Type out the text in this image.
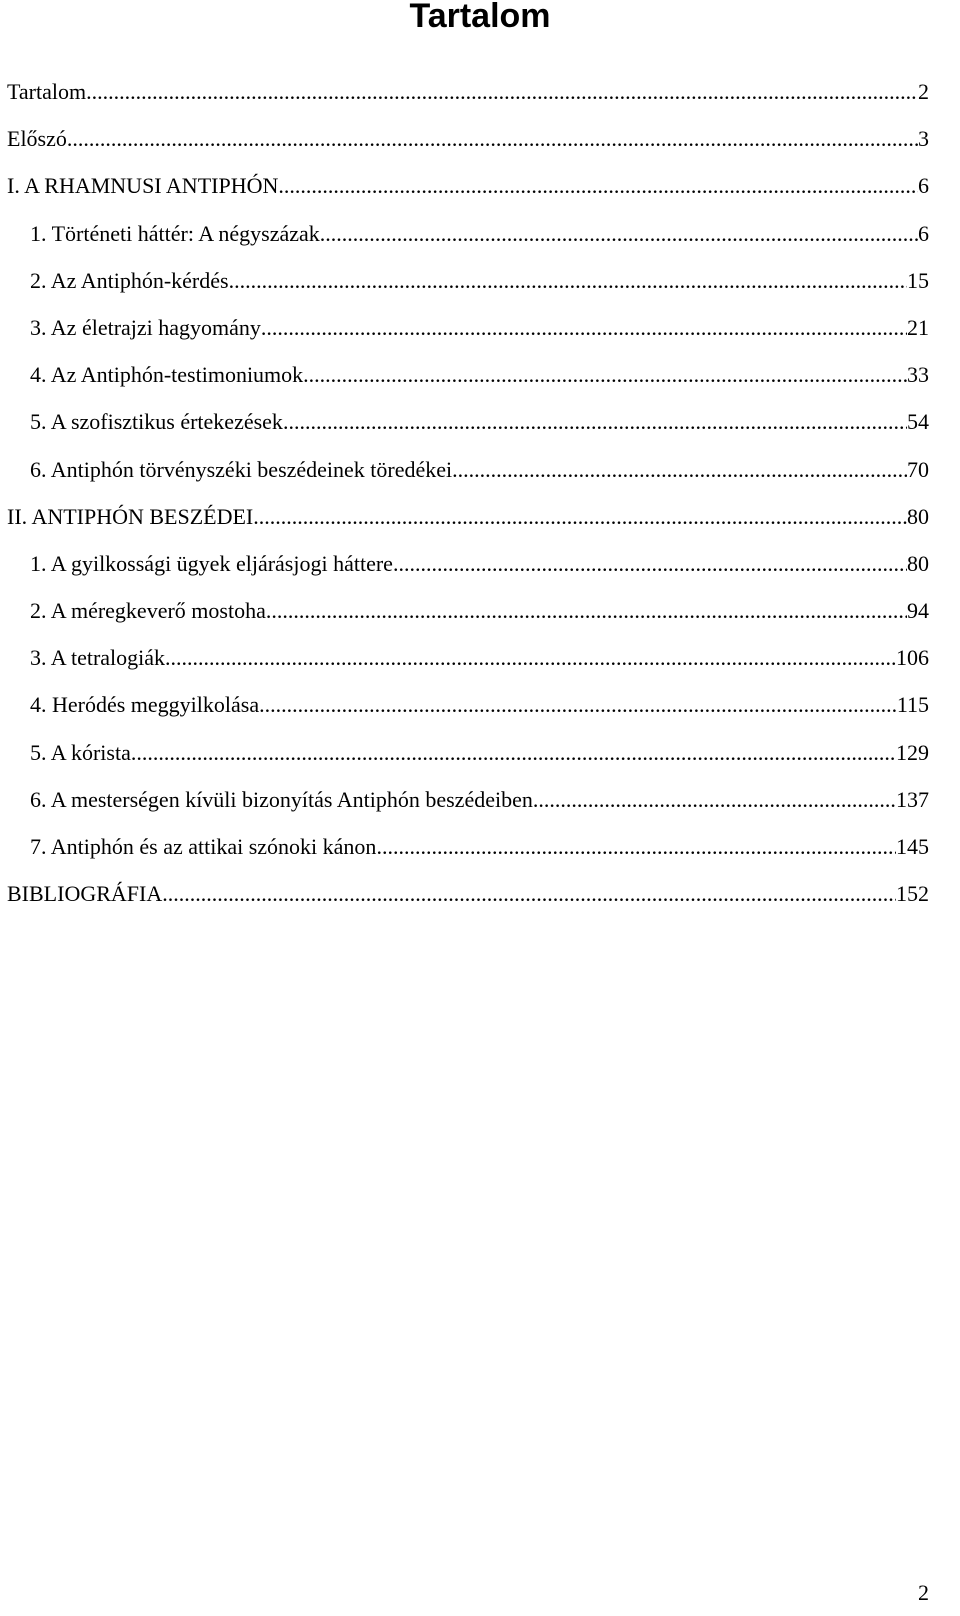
Tartalom
Tartalom .....	2
Előszó .....	3
I. A RHAMNUSI ANTIPHÓN .....	6
1. Történeti háttér: A négyszázak .....	6
2. Az Antiphón-kérdés .....	15
3. Az életrajzi hagyomány .....	21
4. Az Antiphón-testimoniumok .....	33
5. A szofisztikus értekezések .....	54
6. Antiphón törvényszéki beszédeinek töredékei .....	70
II. ANTIPHÓN BESZÉDEI .....	80
1. A gyilkossági ügyek eljárásjogi háttere .....	80
2. A méregkeverő mostoha .....	94
3. A tetralogiák .....	106
4. Heródés meggyilkolása .....	115
5. A kórista .....	129
6. A mesterségen kívüli bizonyítás Antiphón beszédeiben .....	137
7. Antiphón és az attikai szónoki kánon .....	145
BIBLIOGRÁFIA .....	152
2
